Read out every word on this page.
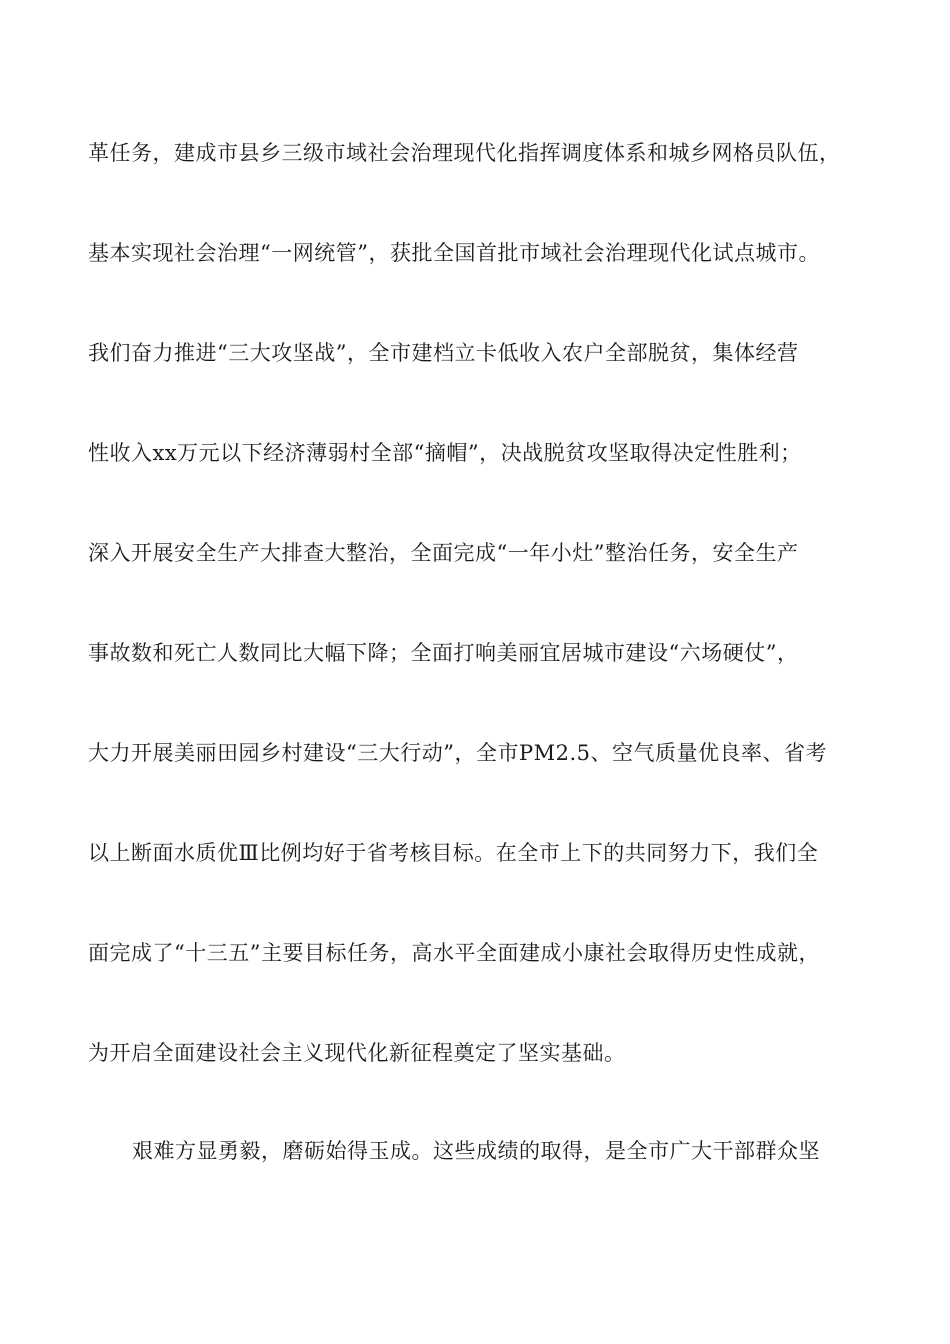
革任务，建成市县乡三级市域社会治理现代化指挥调度体系和城乡网格员队伍，
基本实现社会治理“一网统管”，获批全国首批市域社会治理现代化试点城市。
我们奋力推进“三大攻坚战”，全市建档立卡低收入农户全部脱贫，集体经营
性收入xx万元以下经济薄弱村全部“摘帽”，决战脱贫攻坚取得决定性胜利；
深入开展安全生产大排查大整治，全面完成“一年小灶”整治任务，安全生产
事故数和死亡人数同比大幅下降；全面打响美丽宜居城市建设“六场硬仗”，
大力开展美丽田园乡村建设“三大行动”，全市PM2.5、空气质量优良率、省考
以上断面水质优Ⅲ比例均好于省考核目标。在全市上下的共同努力下，我们全
面完成了“十三五”主要目标任务，高水平全面建成小康社会取得历史性成就，
为开启全面建设社会主义现代化新征程奠定了坚实基础。
艰难方显勇毅，磨砺始得玉成。这些成绩的取得，是全市广大干部群众坚
